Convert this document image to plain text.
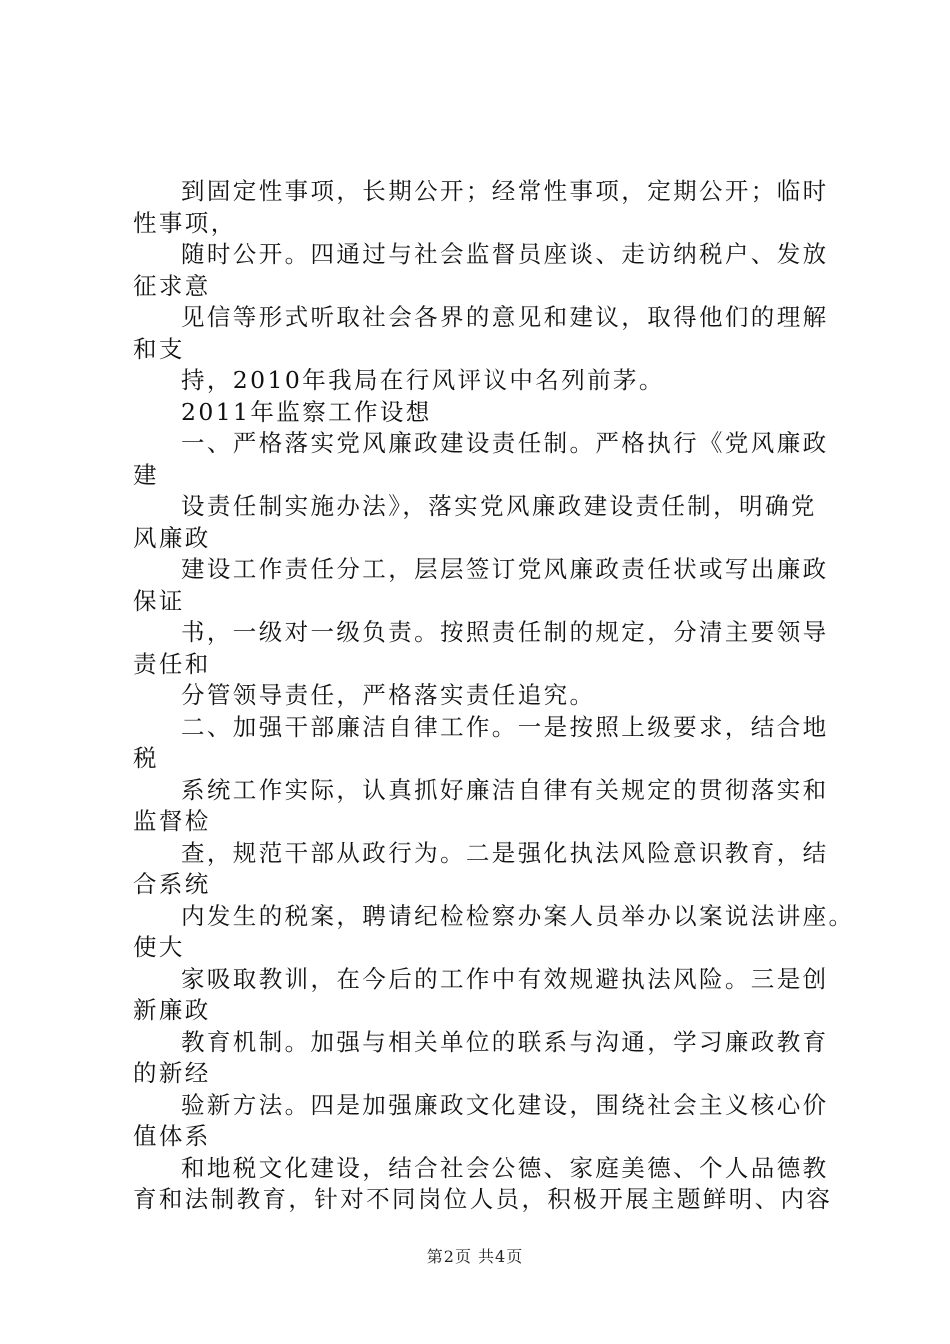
到固定性事项，长期公开；经常性事项，定期公开；临时
性事项，
随时公开。四通过与社会监督员座谈、走访纳税户、发放
征求意
见信等形式听取社会各界的意见和建议，取得他们的理解
和支
持，2010年我局在行风评议中名列前茅。
2011年监察工作设想
一、严格落实党风廉政建设责任制。严格执行《党风廉政
建
设责任制实施办法》，落实党风廉政建设责任制，明确党
风廉政
建设工作责任分工，层层签订党风廉政责任状或写出廉政
保证
书，一级对一级负责。按照责任制的规定，分清主要领导
责任和
分管领导责任，严格落实责任追究。
二、加强干部廉洁自律工作。一是按照上级要求，结合地
税
系统工作实际，认真抓好廉洁自律有关规定的贯彻落实和
监督检
查，规范干部从政行为。二是强化执法风险意识教育，结
合系统
内发生的税案，聘请纪检检察办案人员举办以案说法讲座。
使大
家吸取教训，在今后的工作中有效规避执法风险。三是创
新廉政
教育机制。加强与相关单位的联系与沟通，学习廉政教育
的新经
验新方法。四是加强廉政文化建设，围绕社会主义核心价
值体系
和地税文化建设，结合社会公德、家庭美德、个人品德教
育和法制教育，针对不同岗位人员，积极开展主题鲜明、内容
第2页 共4页
